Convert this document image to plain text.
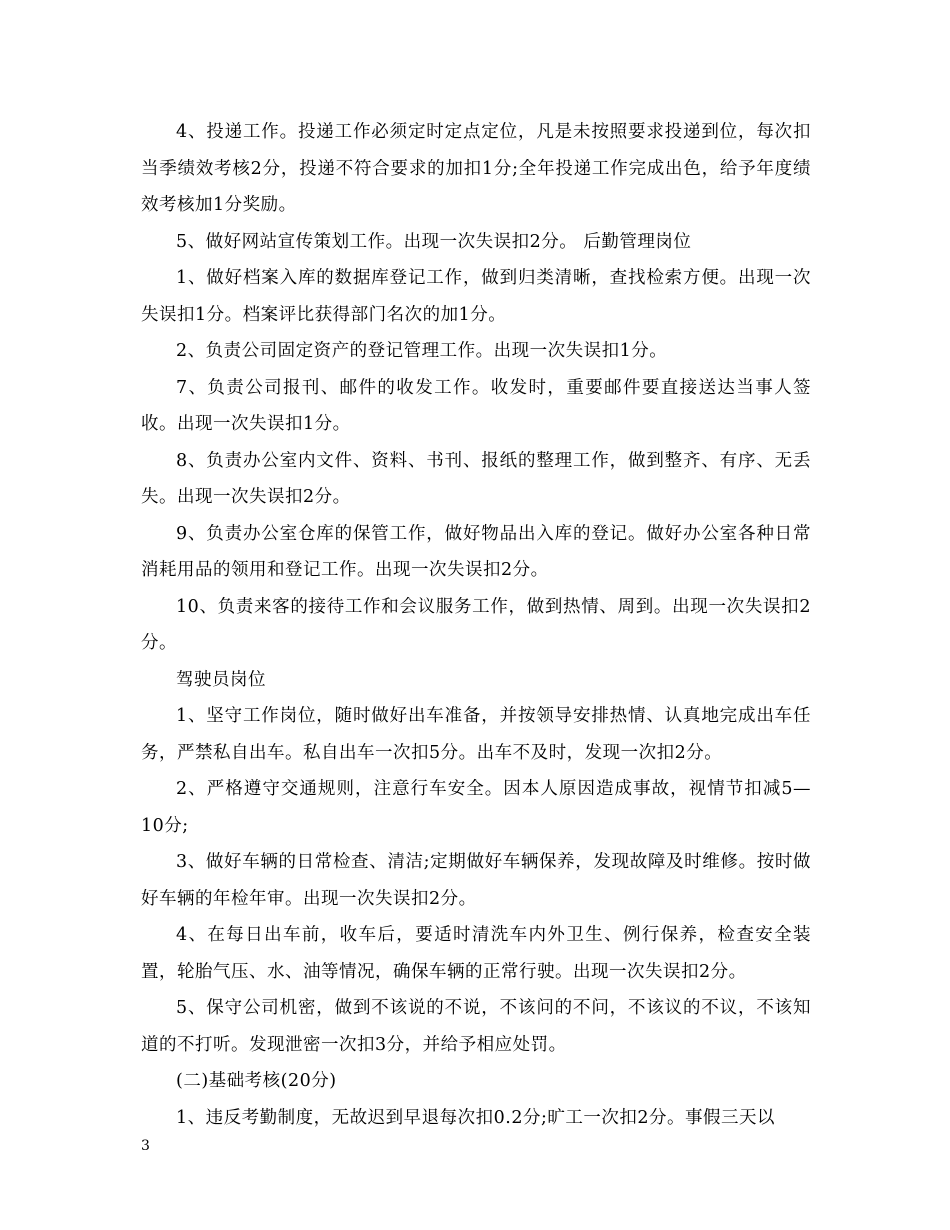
4、投递工作。投递工作必须定时定点定位，凡是未按照要求投递到位，每次扣当季绩效考核2分，投递不符合要求的加扣1分;全年投递工作完成出色，给予年度绩效考核加1分奖励。

5、做好网站宣传策划工作。出现一次失误扣2分。 后勤管理岗位

1、做好档案入库的数据库登记工作，做到归类清晰，查找检索方便。出现一次失误扣1分。档案评比获得部门名次的加1分。

2、负责公司固定资产的登记管理工作。出现一次失误扣1分。

7、负责公司报刊、邮件的收发工作。收发时，重要邮件要直接送达当事人签收。出现一次失误扣1分。

8、负责办公室内文件、资料、书刊、报纸的整理工作，做到整齐、有序、无丢失。出现一次失误扣2分。

9、负责办公室仓库的保管工作，做好物品出入库的登记。做好办公室各种日常消耗用品的领用和登记工作。出现一次失误扣2分。

10、负责来客的接待工作和会议服务工作，做到热情、周到。出现一次失误扣2分。

驾驶员岗位

1、坚守工作岗位，随时做好出车准备，并按领导安排热情、认真地完成出车任务，严禁私自出车。私自出车一次扣5分。出车不及时，发现一次扣2分。

2、严格遵守交通规则，注意行车安全。因本人原因造成事故，视情节扣减5—10分;

3、做好车辆的日常检查、清洁;定期做好车辆保养，发现故障及时维修。按时做好车辆的年检年审。出现一次失误扣2分。

4、在每日出车前，收车后，要适时清洗车内外卫生、例行保养，检查安全装置，轮胎气压、水、油等情况，确保车辆的正常行驶。出现一次失误扣2分。

5、保守公司机密，做到不该说的不说，不该问的不问，不该议的不议，不该知道的不打听。发现泄密一次扣3分，并给予相应处罚。

(二)基础考核(20分)

1、违反考勤制度，无故迟到早退每次扣0.2分;旷工一次扣2分。事假三天以

3
